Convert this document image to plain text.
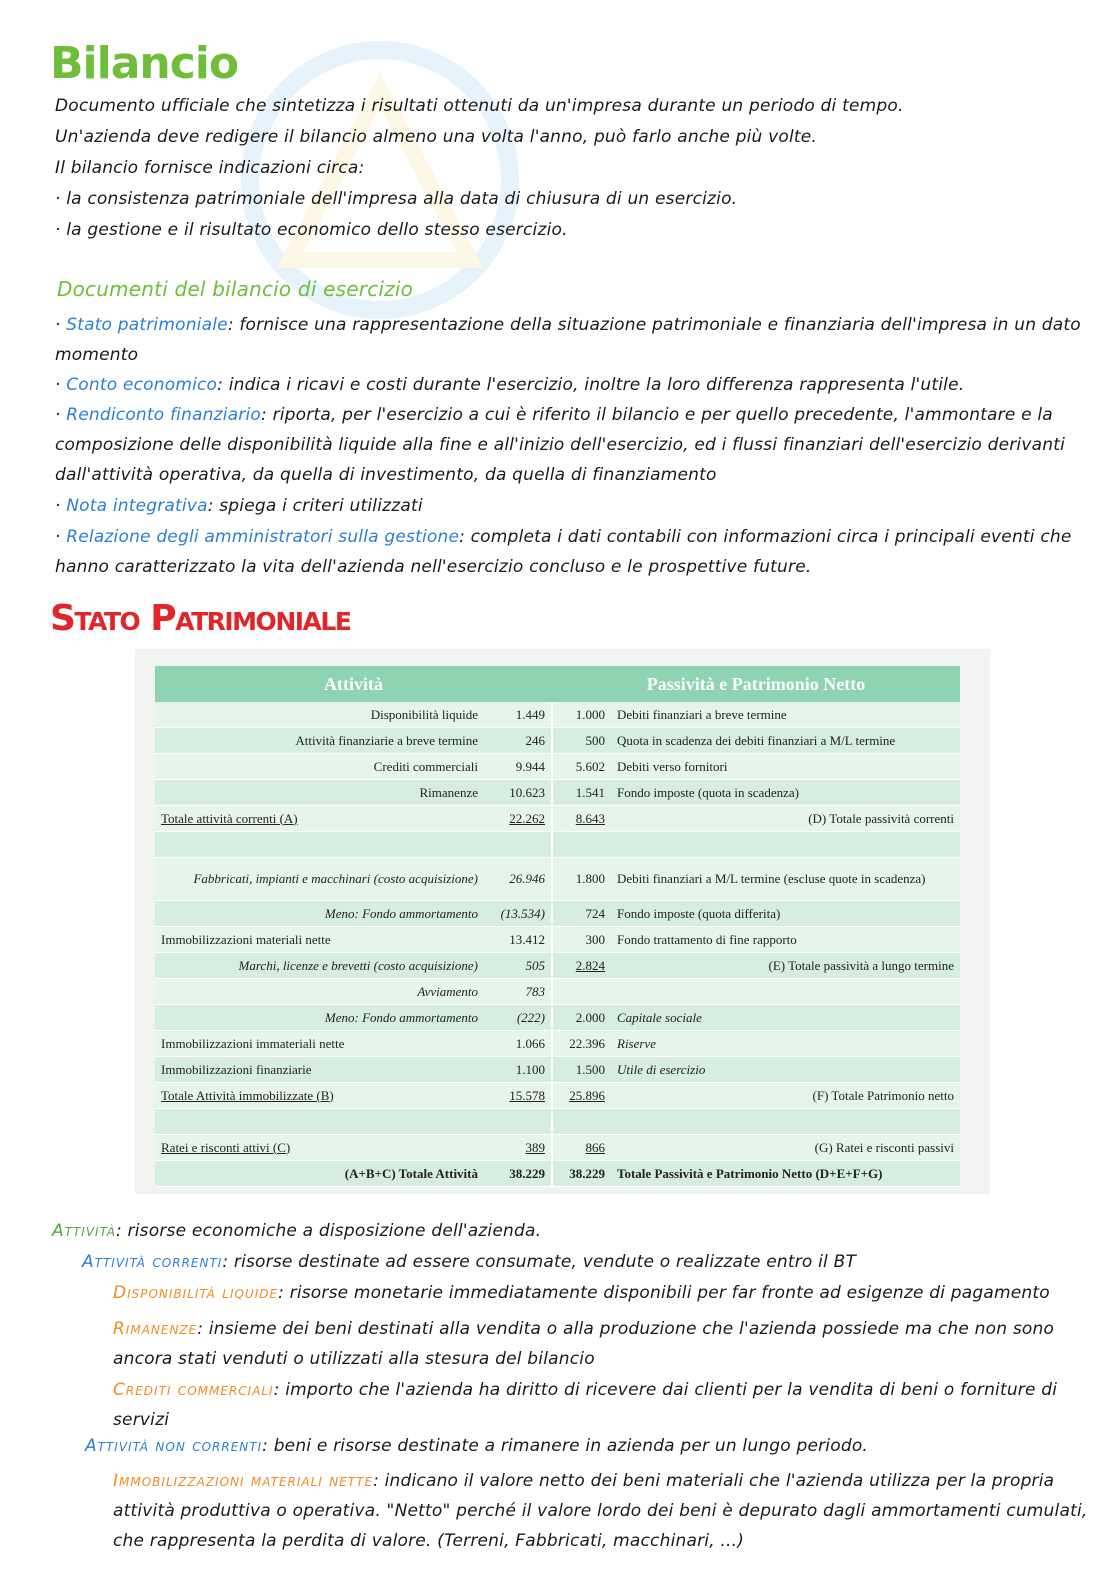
Bilancio
Documento ufficiale che sintetizza i risultati ottenuti da un'impresa durante un periodo di tempo.
Un'azienda deve redigere il bilancio almeno una volta l'anno, può farlo anche più volte.
Il bilancio fornisce indicazioni circa:
· la consistenza patrimoniale dell'impresa alla data di chiusura di un esercizio.
· la gestione e il risultato economico dello stesso esercizio.
Documenti del bilancio di esercizio
· Stato patrimoniale: fornisce una rappresentazione della situazione patrimoniale e finanziaria dell'impresa in un dato momento
· Conto economico: indica i ricavi e costi durante l'esercizio, inoltre la loro differenza rappresenta l'utile.
· Rendiconto finanziario: riporta, per l'esercizio a cui è riferito il bilancio e per quello precedente, l'ammontare e la composizione delle disponibilità liquide alla fine e all'inizio dell'esercizio, ed i flussi finanziari dell'esercizio derivanti dall'attività operativa, da quella di investimento, da quella di finanziamento
· Nota integrativa: spiega i criteri utilizzati
· Relazione degli amministratori sulla gestione: completa i dati contabili con informazioni circa i principali eventi che hanno caratterizzato la vita dell'azienda nell'esercizio concluso e le prospettive future.
Stato Patrimoniale
Attività		Passività e Patrimonio Netto	
Disponibilità liquide	1.449	1.000	Debiti finanziari a breve termine
Attività finanziarie a breve termine	246	500	Quota in scadenza dei debiti finanziari a M/L termine
Crediti commerciali	9.944	5.602	Debiti verso fornitori
Rimanenze	10.623	1.541	Fondo imposte (quota in scadenza)
Totale attività correnti (A)	22.262	8.643	(D) Totale passività correnti

Fabbricati, impianti e macchinari (costo acquisizione)	26.946	1.800	Debiti finanziari a M/L termine (escluse quote in scadenza)
Meno: Fondo ammortamento	(13.534)	724	Fondo imposte (quota differita)
Immobilizzazioni materiali nette	13.412	300	Fondo trattamento di fine rapporto
Marchi, licenze e brevetti (costo acquisizione)	505	2.824	(E) Totale passività a lungo termine
Avviamento	783		
Meno: Fondo ammortamento	(222)	2.000	Capitale sociale
Immobilizzazioni immateriali nette	1.066	22.396	Riserve
Immobilizzazioni finanziarie	1.100	1.500	Utile di esercizio
Totale Attività immobilizzate (B)	15.578	25.896	(F) Totale Patrimonio netto

Ratei e risconti attivi (C)	389	866	(G) Ratei e risconti passivi
(A+B+C) Totale Attività	38.229	38.229	Totale Passività e Patrimonio Netto (D+E+F+G)
Attività: risorse economiche a disposizione dell'azienda.
Attività correnti: risorse destinate ad essere consumate, vendute o realizzate entro il BT
Disponibilità liquide: risorse monetarie immediatamente disponibili per far fronte ad esigenze di pagamento
Rimanenze: insieme dei beni destinati alla vendita o alla produzione che l'azienda possiede ma che non sono ancora stati venduti o utilizzati alla stesura del bilancio
Crediti commerciali: importo che l'azienda ha diritto di ricevere dai clienti per la vendita di beni o forniture di servizi
Attività non correnti: beni e risorse destinate a rimanere in azienda per un lungo periodo.
Immobilizzazioni materiali nette: indicano il valore netto dei beni materiali che l'azienda utilizza per la propria attività produttiva o operativa. "Netto" perché il valore lordo dei beni è depurato dagli ammortamenti cumulati, che rappresenta la perdita di valore. (Terreni, Fabbricati, macchinari, ...)
